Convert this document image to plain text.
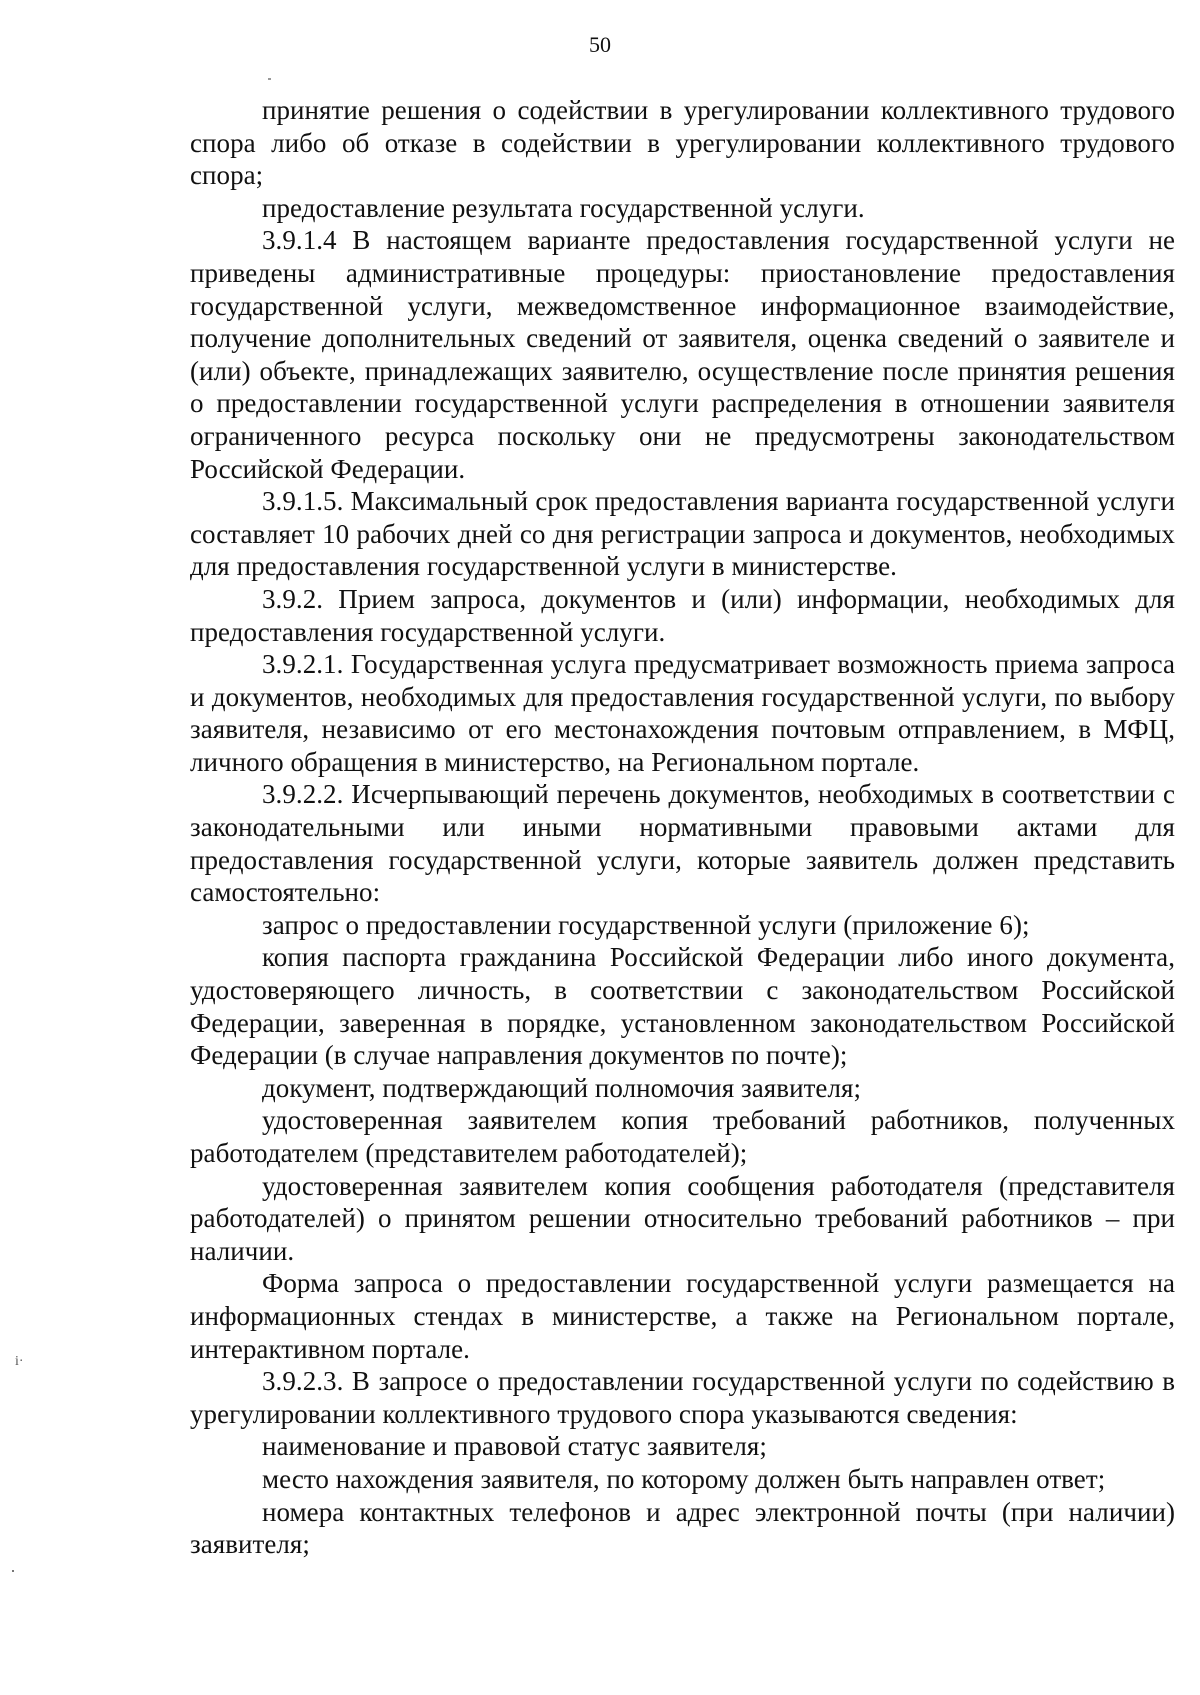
50
i·

принятие решения о содействии в урегулировании коллективного трудового спора либо об отказе в содействии в урегулировании коллективного трудового спора;

предоставление результата государственной услуги.

3.9.1.4 В настоящем варианте предоставления государственной услуги не приведены административные процедуры: приостановление предоставления государственной услуги, межведомственное информационное взаимодействие, получение дополнительных сведений от заявителя, оценка сведений о заявителе и (или) объекте, принадлежащих заявителю, осуществление после принятия решения о предоставлении государственной услуги распределения в отношении заявителя ограниченного ресурса поскольку они не предусмотрены законодательством Российской Федерации.

3.9.1.5. Максимальный срок предоставления варианта государственной услуги составляет 10 рабочих дней со дня регистрации запроса и документов, необходимых для предоставления государственной услуги в министерстве.

3.9.2. Прием запроса, документов и (или) информации, необходимых для предоставления государственной услуги.

3.9.2.1. Государственная услуга предусматривает возможность приема запроса и документов, необходимых для предоставления государственной услуги, по выбору заявителя, независимо от его местонахождения почтовым отправлением, в МФЦ, личного обращения в министерство, на Региональном портале.

3.9.2.2. Исчерпывающий перечень документов, необходимых в соответствии с законодательными или иными нормативными правовыми актами для предоставления государственной услуги, которые заявитель должен представить самостоятельно:

запрос о предоставлении государственной услуги (приложение 6);

копия паспорта гражданина Российской Федерации либо иного документа, удостоверяющего личность, в соответствии с законодательством Российской Федерации, заверенная в порядке, установленном законодательством Российской Федерации (в случае направления документов по почте);

документ, подтверждающий полномочия заявителя;

удостоверенная заявителем копия требований работников, полученных работодателем (представителем работодателей);

удостоверенная заявителем копия сообщения работодателя (представителя работодателей) о принятом решении относительно требований работников – при наличии.

Форма запроса о предоставлении государственной услуги размещается на информационных стендах в министерстве, а также на Региональном портале, интерактивном портале.

3.9.2.3. В запросе о предоставлении государственной услуги по содействию в урегулировании коллективного трудового спора указываются сведения:

наименование и правовой статус заявителя;

место нахождения заявителя, по которому должен быть направлен ответ;

номера контактных телефонов и адрес электронной почты (при наличии) заявителя;
